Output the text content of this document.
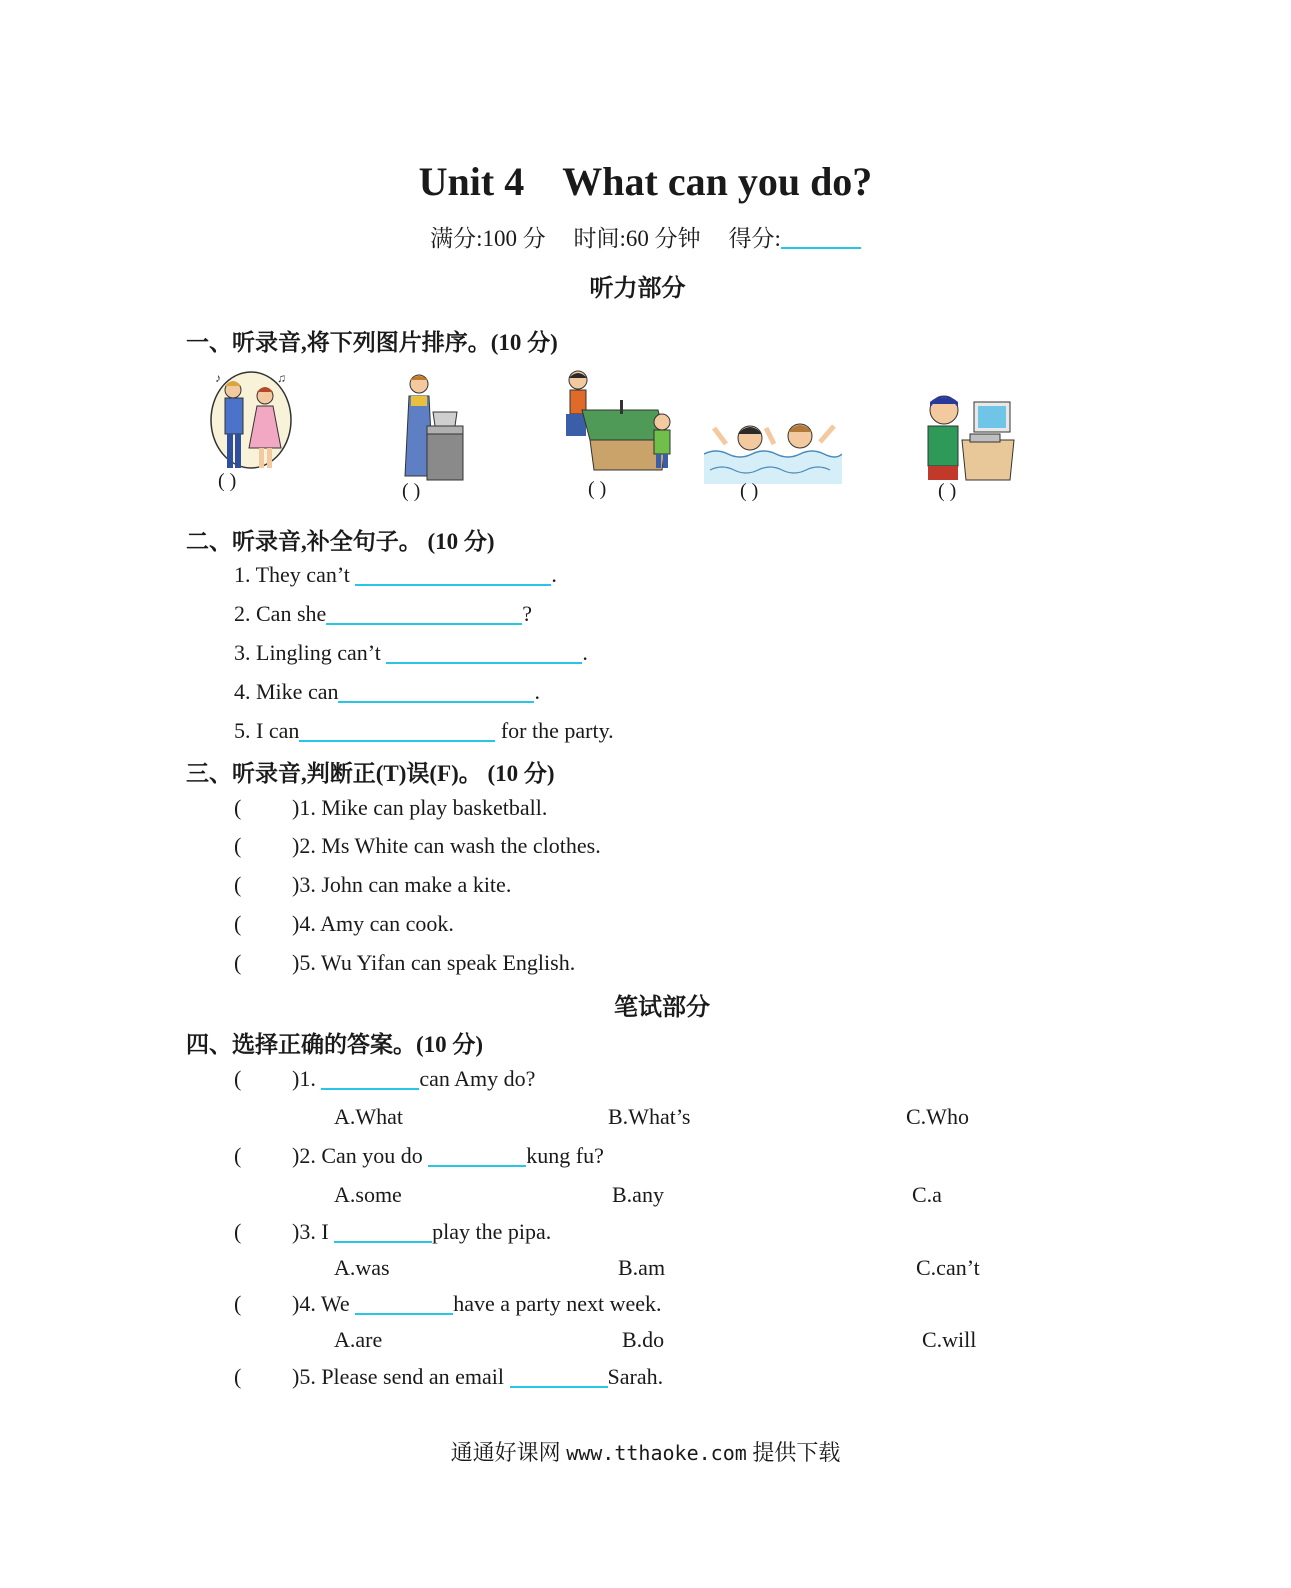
Unit 4 What can you do?
满分:100 分 时间:60 分钟 得分:
听力部分
一、听录音,将下列图片排序。(10 分)
♪	♫
( )	( )	( )	( )	( )
二、听录音,补全句子。 (10 分)
1. They can’t	.
2. Can she	?
3. Lingling can’t	.
4. Mike can	.
5. I can	for the party.
三、听录音,判断正(T)误(F)。 (10 分)
( )1. Mike can play basketball.
( )2. Ms White can wash the clothes.
( )3. John can make a kite.
( )4. Amy can cook.
( )5. Wu Yifan can speak English.
笔试部分
四、选择正确的答案。(10 分)
( )1.	can Amy do?
A.What	B.What’s	C.Who
( )2. Can you do	kung fu?
A.some	B.any	C.a
( )3. I	play the pipa.
A.was	B.am	C.can’t
( )4. We	have a party next week.
A.are	B.do	C.will
( )5. Please send an email	Sarah.
通通好课网 www.tthaoke.com 提供下载
